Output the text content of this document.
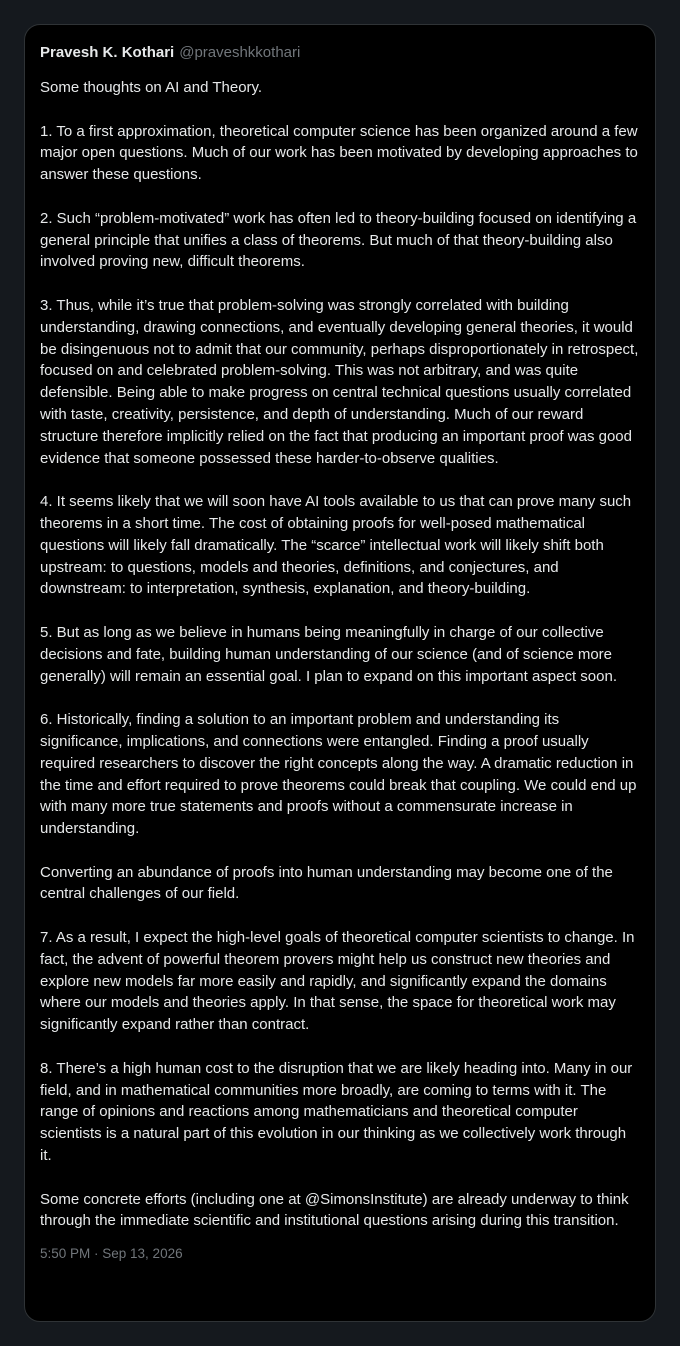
Pravesh K. Kothari @praveshkkothari

Some thoughts on AI and Theory.

1. To a first approximation, theoretical computer science has been organized around a few major open questions. Much of our work has been motivated by developing approaches to answer these questions.

2. Such “problem-motivated” work has often led to theory-building focused on identifying a general principle that unifies a class of theorems. But much of that theory-building also involved proving new, difficult theorems.

3. Thus, while it’s true that problem-solving was strongly correlated with building understanding, drawing connections, and eventually developing general theories, it would be disingenuous not to admit that our community, perhaps disproportionately in retrospect, focused on and celebrated problem-solving. This was not arbitrary, and was quite defensible. Being able to make progress on central technical questions usually correlated with taste, creativity, persistence, and depth of understanding. Much of our reward structure therefore implicitly relied on the fact that producing an important proof was good evidence that someone possessed these harder-to-observe qualities.

4. It seems likely that we will soon have AI tools available to us that can prove many such theorems in a short time. The cost of obtaining proofs for well-posed mathematical questions will likely fall dramatically. The “scarce” intellectual work will likely shift both upstream: to questions, models and theories, definitions, and conjectures, and downstream: to interpretation, synthesis, explanation, and theory-building.

5. But as long as we believe in humans being meaningfully in charge of our collective decisions and fate, building human understanding of our science (and of science more generally) will remain an essential goal. I plan to expand on this important aspect soon.

6. Historically, finding a solution to an important problem and understanding its significance, implications, and connections were entangled. Finding a proof usually required researchers to discover the right concepts along the way. A dramatic reduction in the time and effort required to prove theorems could break that coupling. We could end up with many more true statements and proofs without a commensurate increase in understanding.

Converting an abundance of proofs into human understanding may become one of the central challenges of our field.

7. As a result, I expect the high-level goals of theoretical computer scientists to change. In fact, the advent of powerful theorem provers might help us construct new theories and explore new models far more easily and rapidly, and significantly expand the domains where our models and theories apply. In that sense, the space for theoretical work may significantly expand rather than contract.

8. There’s a high human cost to the disruption that we are likely heading into. Many in our field, and in mathematical communities more broadly, are coming to terms with it. The range of opinions and reactions among mathematicians and theoretical computer scientists is a natural part of this evolution in our thinking as we collectively work through it.

Some concrete efforts (including one at @SimonsInstitute) are already underway to think through the immediate scientific and institutional questions arising during this transition.

5:50 PM · Sep 13, 2026
